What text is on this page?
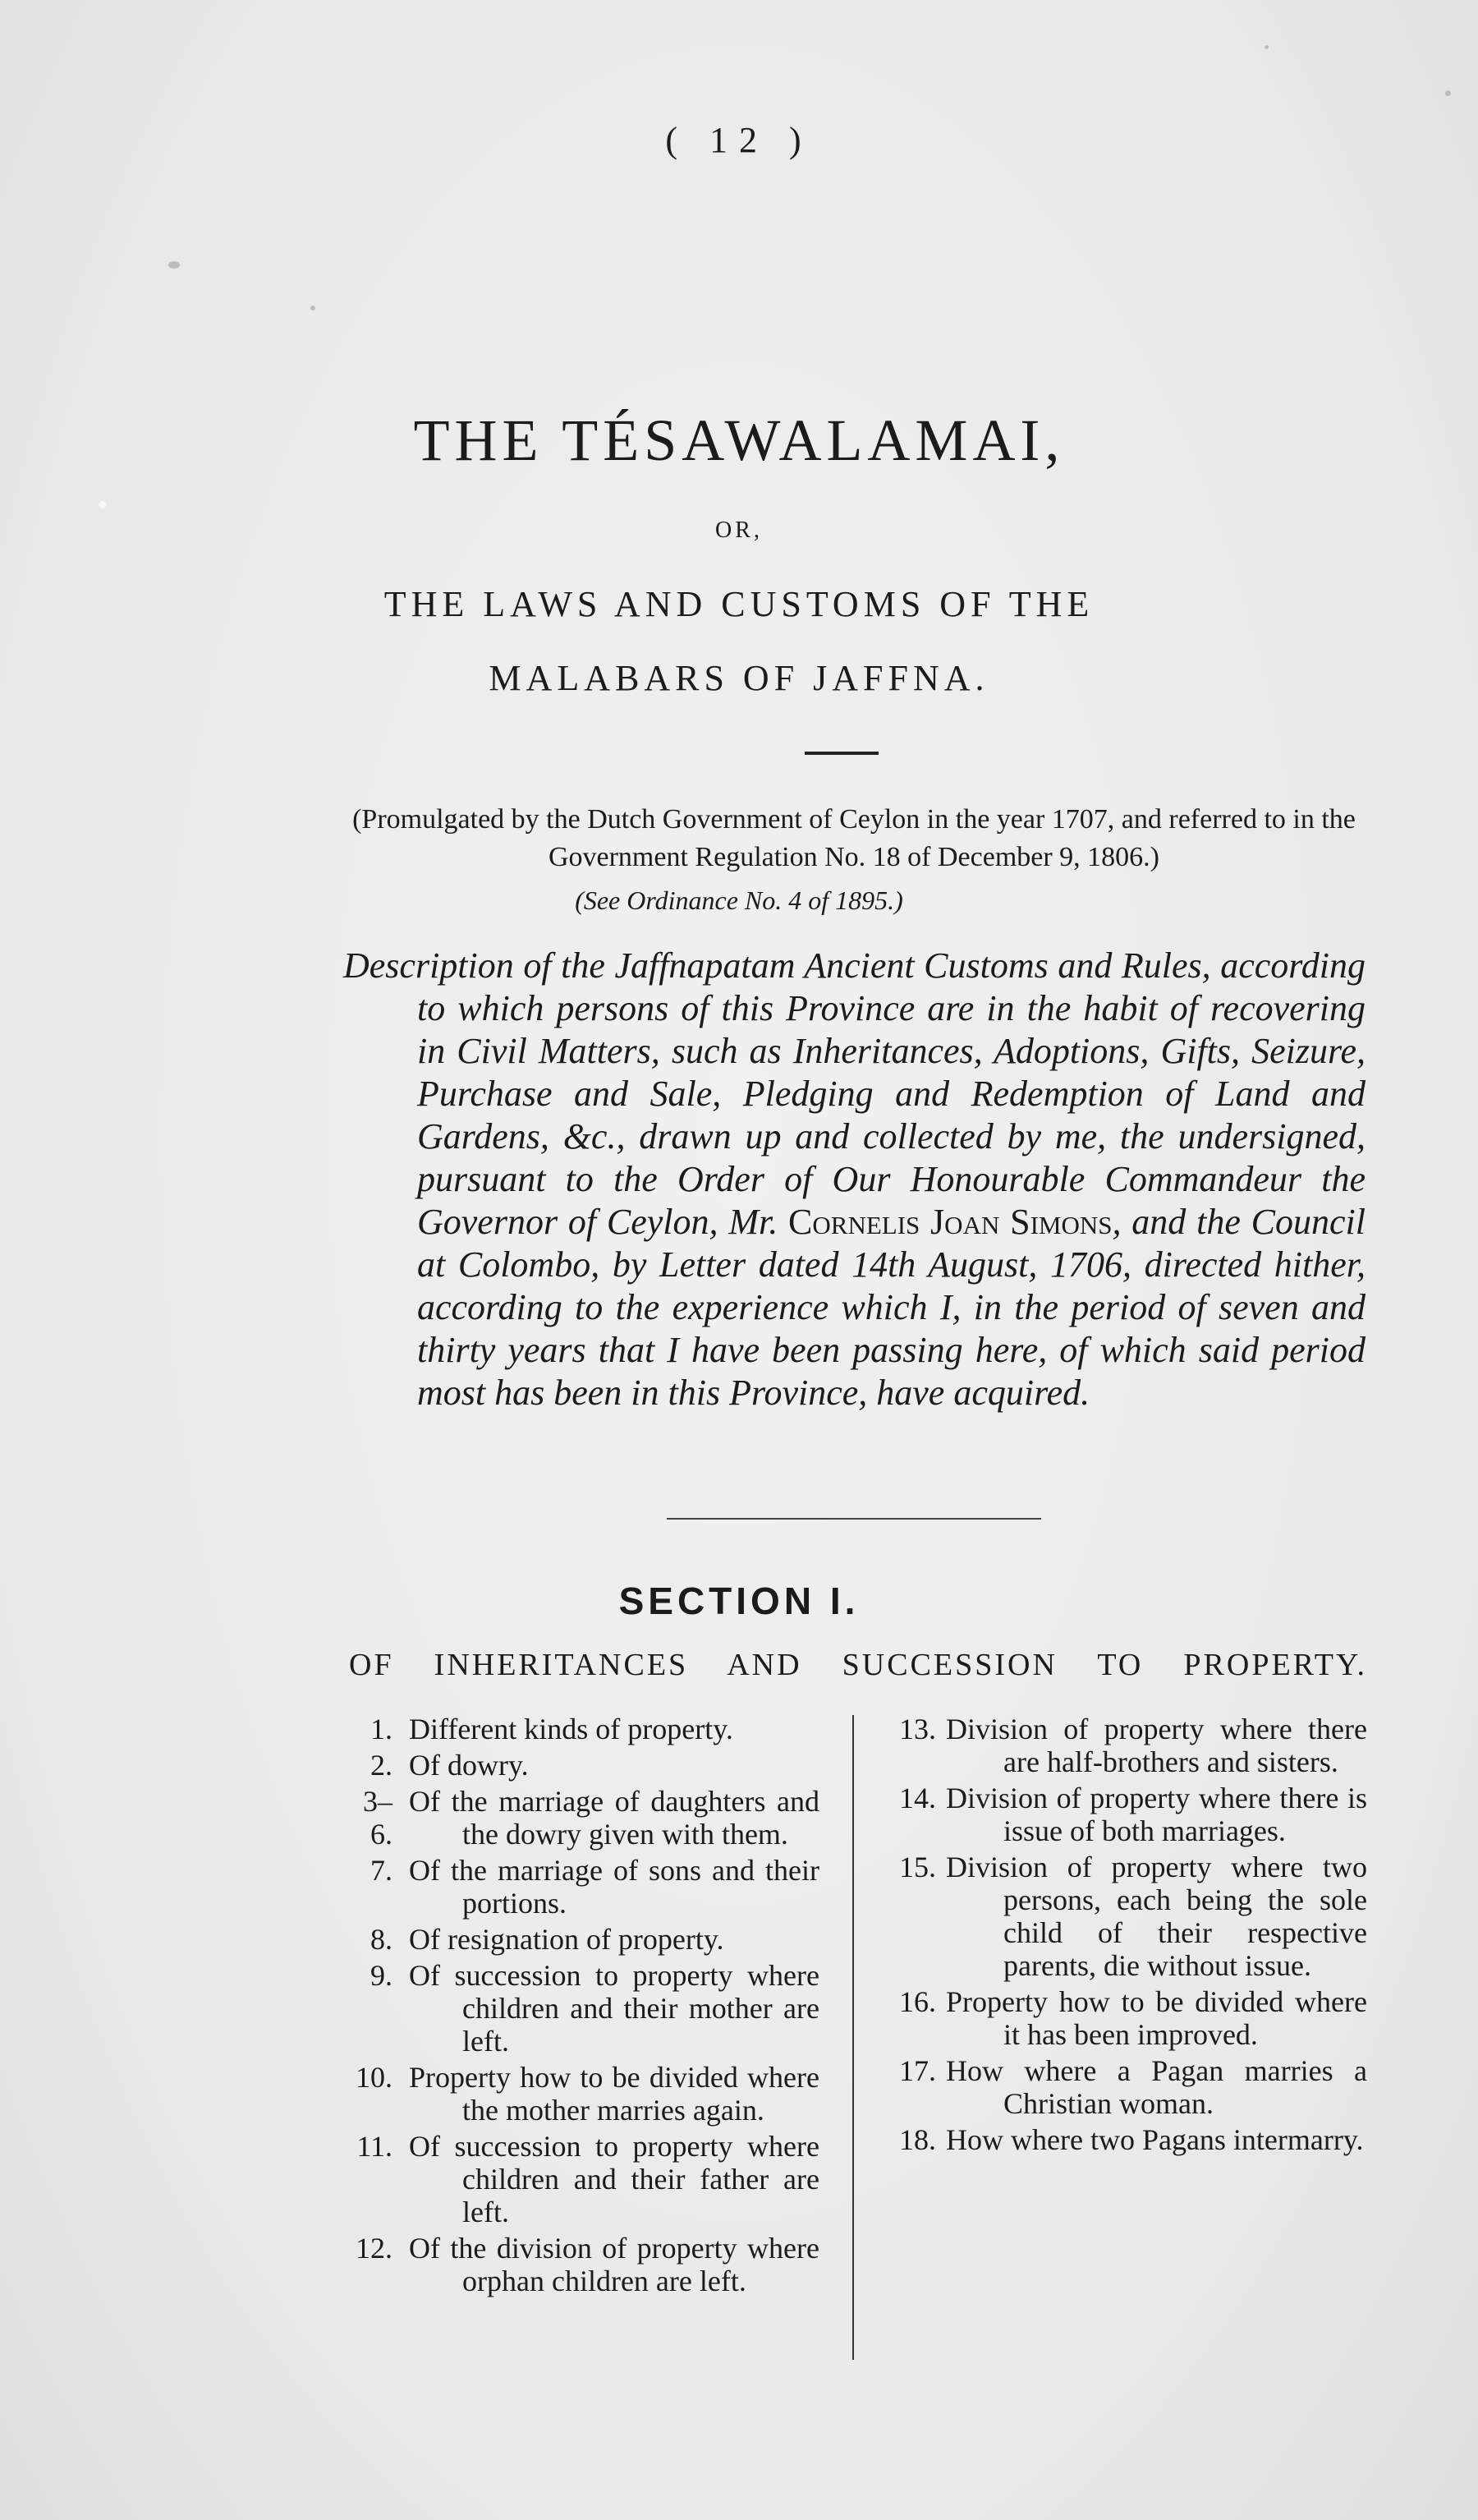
( 12 )
THE TÉSAWALAMAI,
OR,
THE LAWS AND CUSTOMS OF THE
MALABARS OF JAFFNA.
(Promulgated by the Dutch Government of Ceylon in the year 1707, and referred to in the Government Regulation No. 18 of December 9, 1806.)
(See Ordinance No. 4 of 1895.)
Description of the Jaffnapatam Ancient Customs and Rules, according to which persons of this Province are in the habit of recovering in Civil Matters, such as Inheritances, Adoptions, Gifts, Seizure, Purchase and Sale, Pledging and Redemption of Land and Gardens, &c., drawn up and collected by me, the undersigned, pursuant to the Order of Our Honourable Commandeur the Governor of Ceylon, Mr. Cornelis Joan Simons, and the Council at Colombo, by Letter dated 14th August, 1706, directed hither, according to the experience which I, in the period of seven and thirty years that I have been passing here, of which said period most has been in this Province, have acquired.
SECTION I.
OF INHERITANCES AND SUCCESSION TO PROPERTY.
1. Different kinds of property.
2. Of dowry.
3–6.
Of the marriage of daughters and the dowry given with them.
7. Of the marriage of sons and their portions.
8. Of resignation of property.
9. Of succession to property where children and their mother are left.
10. Property how to be divided where the mother marries again.
11. Of succession to property where children and their father are left.
12. Of the division of property where orphan children are left.
13. Division of property where there are half-brothers and sisters.
14. Division of property where there is issue of both marriages.
15. Division of property where two persons, each being the sole child of their respective parents, die without issue.
16. Property how to be divided where it has been improved.
17. How where a Pagan marries a Christian woman.
18. How where two Pagans intermarry.
